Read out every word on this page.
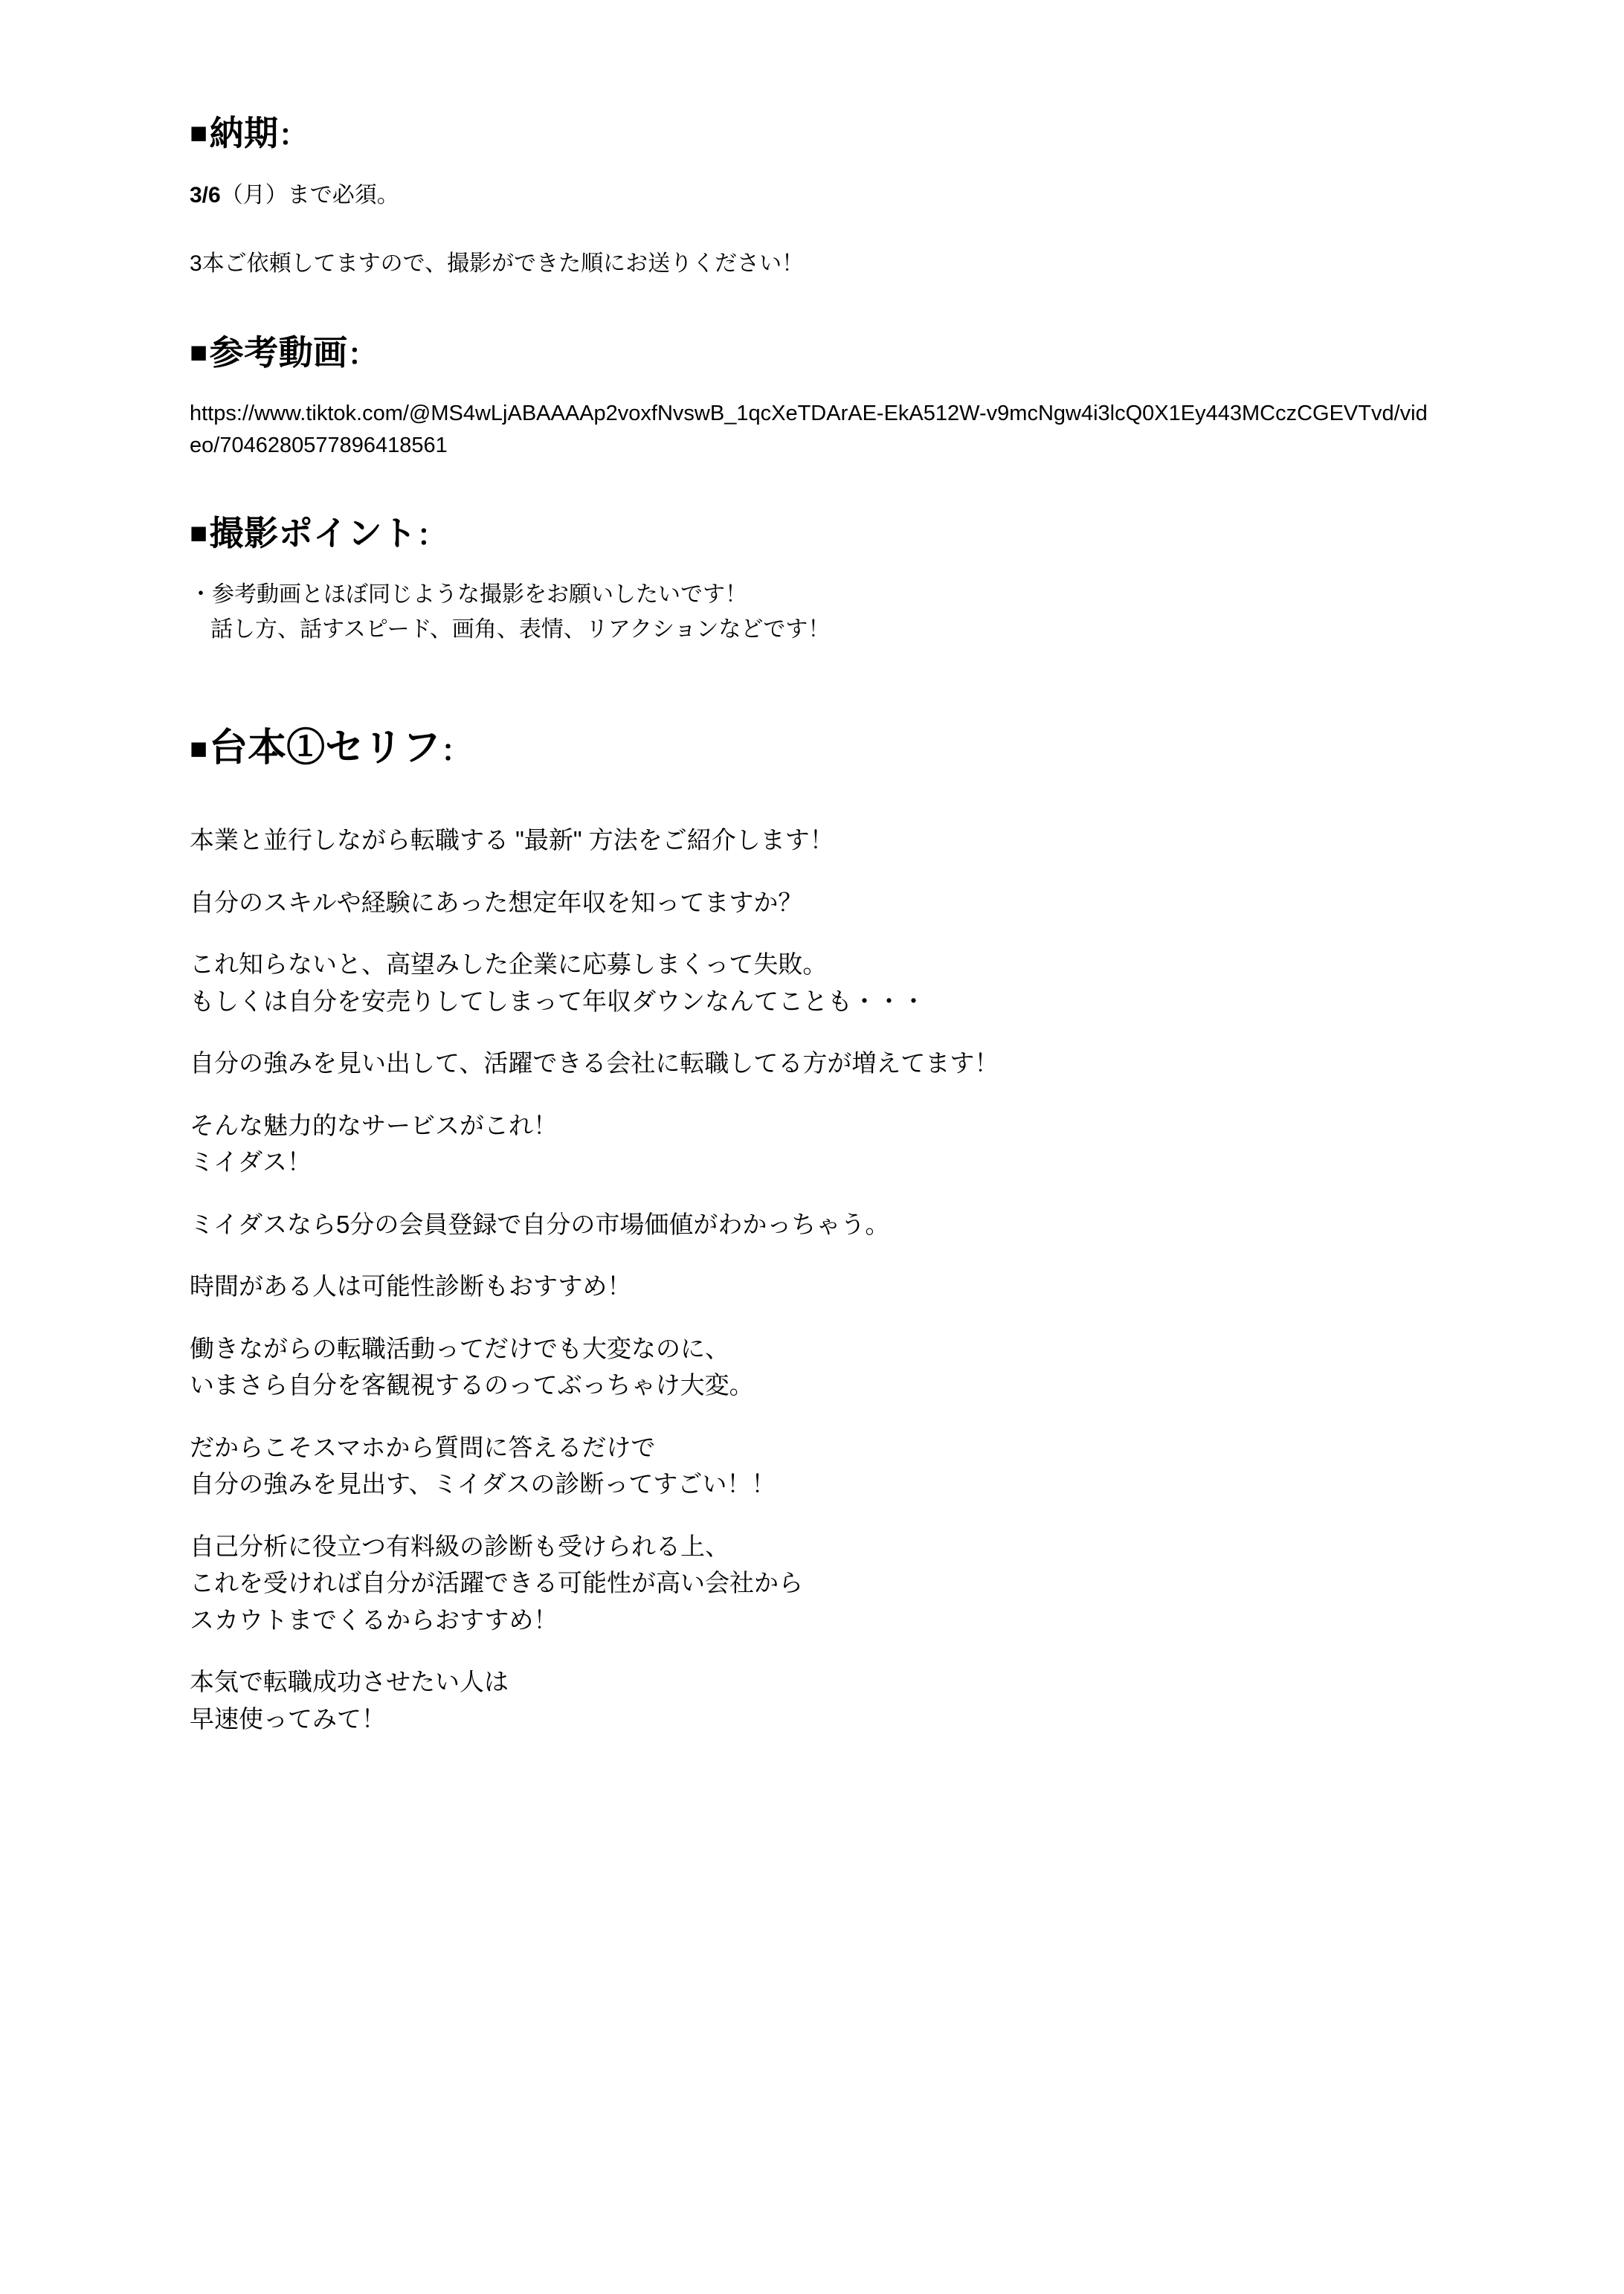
■納期：

3/6（月）まで必須。

3本ご依頼してますので、撮影ができた順にお送りください！

■参考動画：

https://www.tiktok.com/@MS4wLjABAAAAp2voxfNvswB_1qcXeTDArAE-EkA512W-v9mcNgw4i3lcQ0X1Ey443MCczCGEVTvd/video/7046280577896418561

■撮影ポイント：

・参考動画とほぼ同じような撮影をお願いしたいです！

話し方、話すスピード、画角、表情、リアクションなどです！

■台本①セリフ：

本業と並行しながら転職する "最新" 方法をご紹介します！

自分のスキルや経験にあった想定年収を知ってますか？

これ知らないと、高望みした企業に応募しまくって失敗。

もしくは自分を安売りしてしまって年収ダウンなんてことも・・・

自分の強みを見い出して、活躍できる会社に転職してる方が増えてます！

そんな魅力的なサービスがこれ！

ミイダス！

ミイダスなら5分の会員登録で自分の市場価値がわかっちゃう。

時間がある人は可能性診断もおすすめ！

働きながらの転職活動ってだけでも大変なのに、

いまさら自分を客観視するのってぶっちゃけ大変。

だからこそスマホから質問に答えるだけで

自分の強みを見出す、ミイダスの診断ってすごい！！

自己分析に役立つ有料級の診断も受けられる上、

これを受ければ自分が活躍できる可能性が高い会社から

スカウトまでくるからおすすめ！

本気で転職成功させたい人は

早速使ってみて！
